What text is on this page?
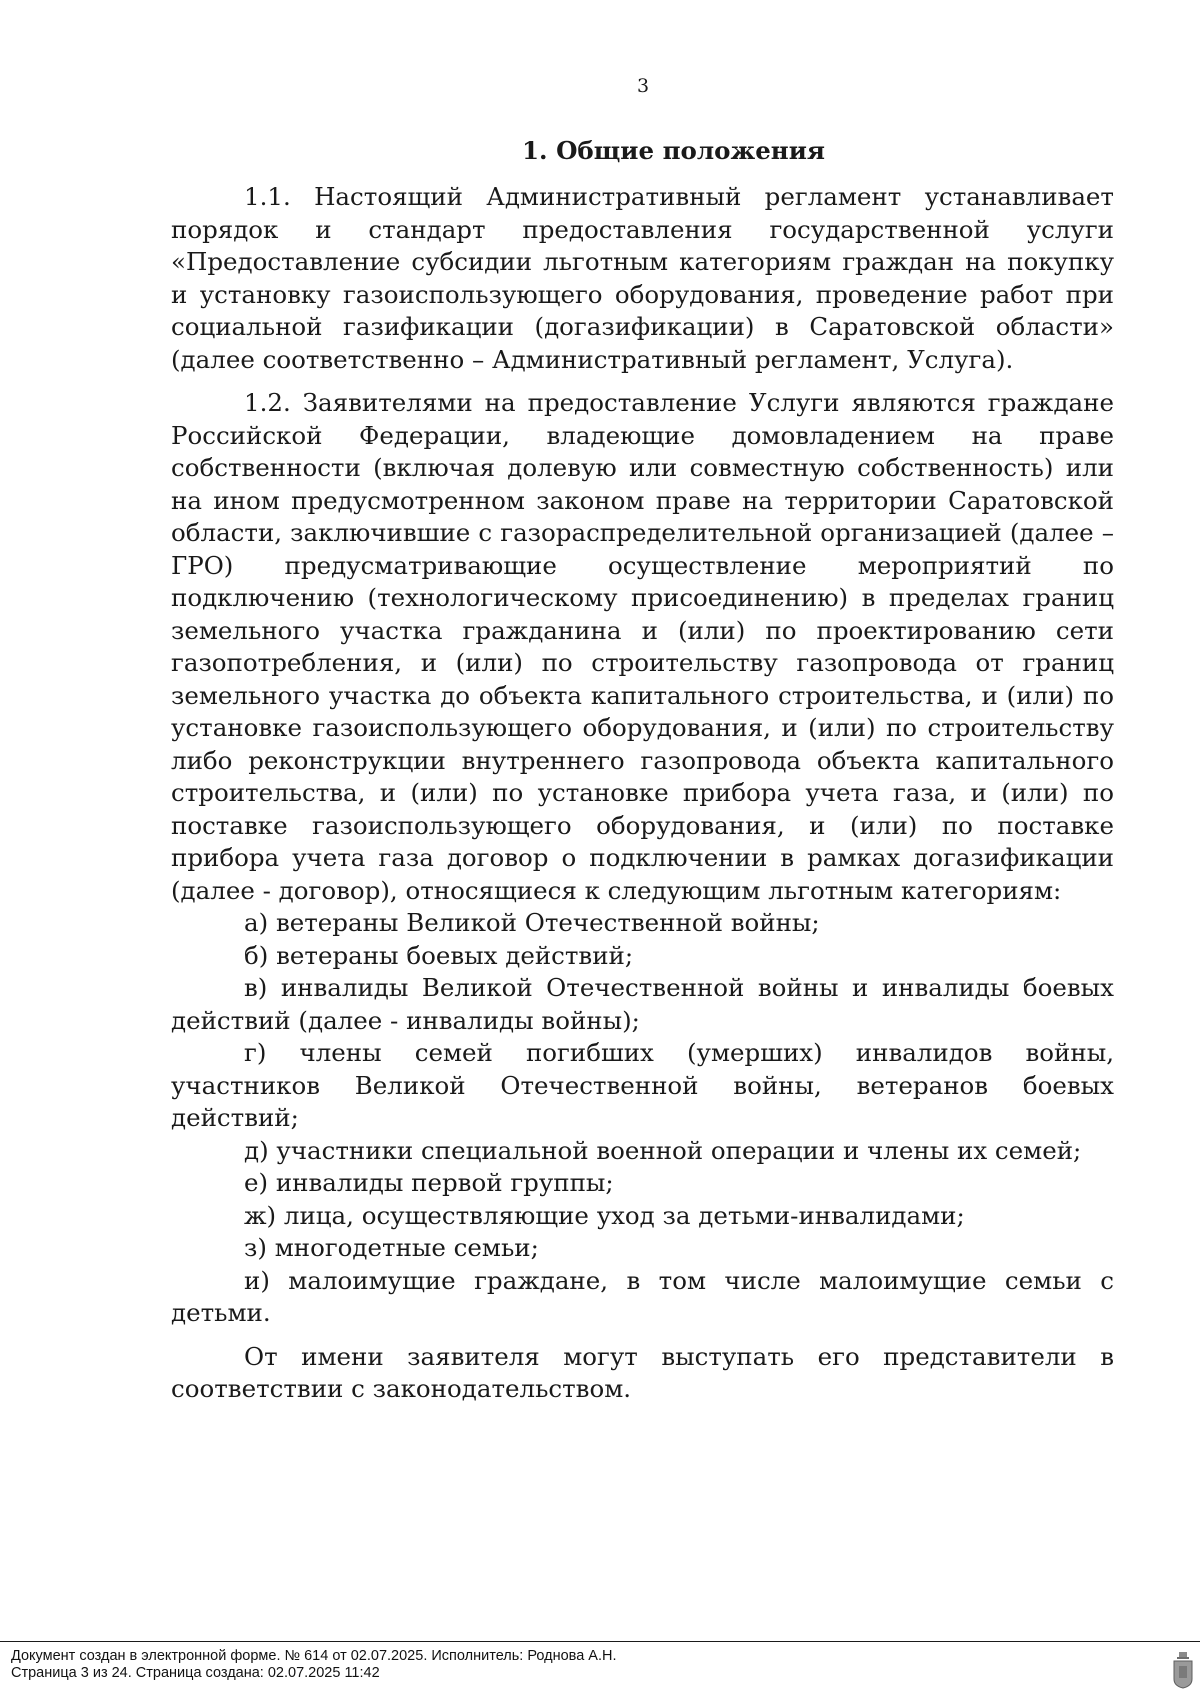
3
1. Общие положения

1.1. Настоящий Административный регламент устанавливает порядок и стандарт предоставления государственной услуги «Предоставление субсидии льготным категориям граждан на покупку и установку газоиспользующего оборудования, проведение работ при социальной газификации (догазификации) в Саратовской области» (далее соответственно – Административный регламент, Услуга).

1.2. Заявителями на предоставление Услуги являются граждане Российской Федерации, владеющие домовладением на праве собственности (включая долевую или совместную собственность) или на ином предусмотренном законом праве на территории Саратовской области, заключившие с газораспределительной организацией (далее – ГРО) предусматривающие осуществление мероприятий по подключению (технологическому присоединению) в пределах границ земельного участка гражданина и (или) по проектированию сети газопотребления, и (или) по строительству газопровода от границ земельного участка до объекта капитального строительства, и (или) по установке газоиспользующего оборудования, и (или) по строительству либо реконструкции внутреннего газопровода объекта капитального строительства, и (или) по установке прибора учета газа, и (или) по поставке газоиспользующего оборудования, и (или) по поставке прибора учета газа договор о подключении в рамках догазификации (далее - договор), относящиеся к следующим льготным категориям:

а) ветераны Великой Отечественной войны;

б) ветераны боевых действий;

в) инвалиды Великой Отечественной войны и инвалиды боевых действий (далее - инвалиды войны);

г) члены семей погибших (умерших) инвалидов войны, участников Великой Отечественной войны, ветеранов боевых действий;

д) участники специальной военной операции и члены их семей;

е) инвалиды первой группы;

ж) лица, осуществляющие уход за детьми-инвалидами;

з) многодетные семьи;

и) малоимущие граждане, в том числе малоимущие семьи с детьми.

От имени заявителя могут выступать его представители в соответствии с законодательством.

Документ создан в электронной форме. № 614 от 02.07.2025. Исполнитель: Роднова А.Н.
Страница 3 из 24. Страница создана: 02.07.2025 11:42
